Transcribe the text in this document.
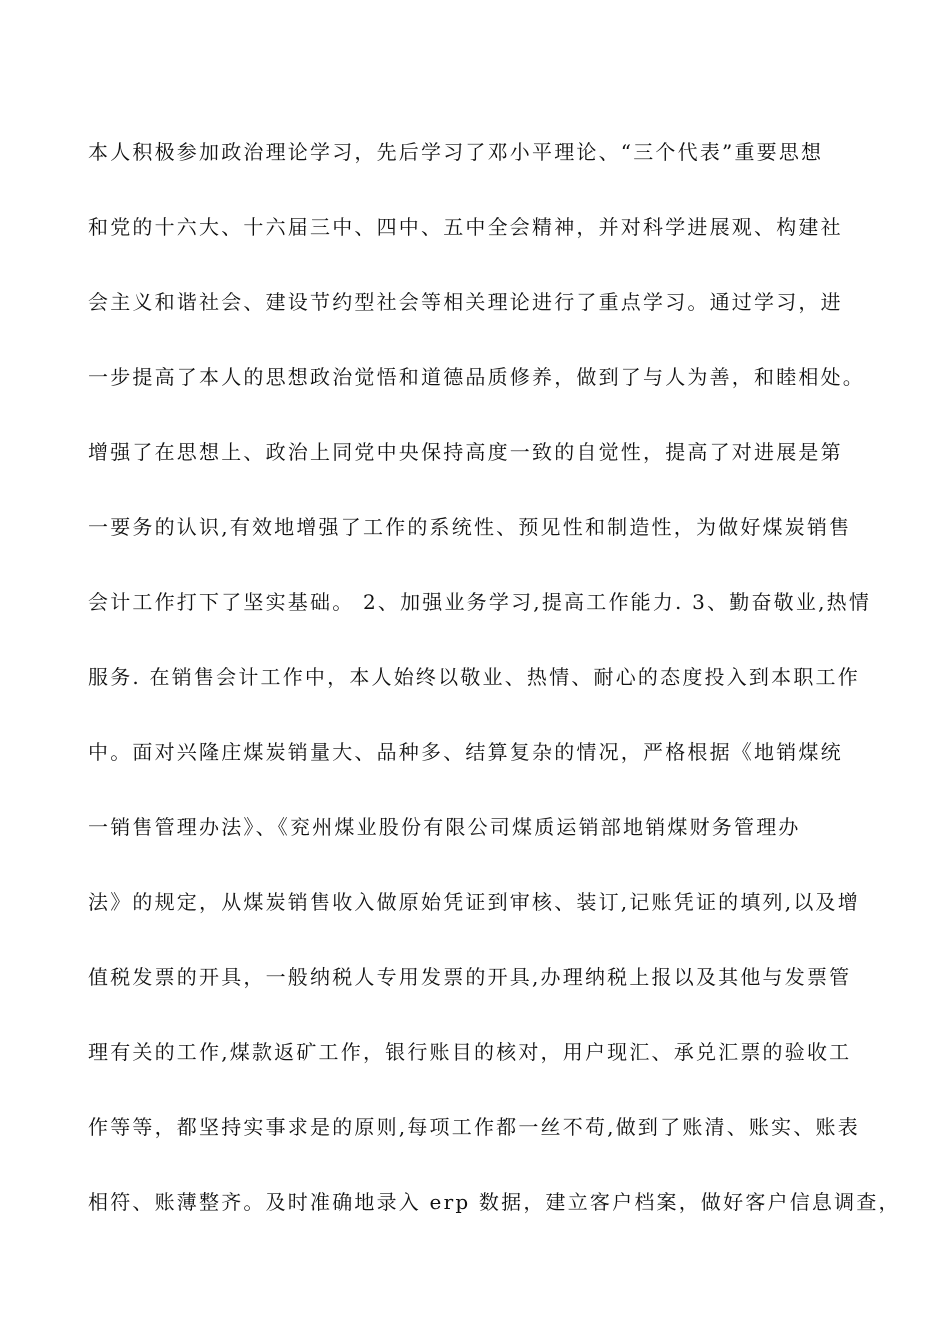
本人积极参加政治理论学习，先后学习了邓小平理论、“三个代表”重要思想
和党的十六大、十六届三中、四中、五中全会精神，并对科学进展观、构建社
会主义和谐社会、建设节约型社会等相关理论进行了重点学习。通过学习，进
一步提高了本人的思想政治觉悟和道德品质修养，做到了与人为善，和睦相处。
增强了在思想上、政治上同党中央保持高度一致的自觉性，提高了对进展是第
一要务的认识,有效地增强了工作的系统性、预见性和制造性，为做好煤炭销售
会计工作打下了坚实基础。 2、加强业务学习,提高工作能力. 3、勤奋敬业,热情
服务. 在销售会计工作中，本人始终以敬业、热情、耐心的态度投入到本职工作
中。面对兴隆庄煤炭销量大、品种多、结算复杂的情况，严格根据《地销煤统
一销售管理办法》、《兖州煤业股份有限公司煤质运销部地销煤财务管理办
法》的规定，从煤炭销售收入做原始凭证到审核、装订,记账凭证的填列,以及增
值税发票的开具，一般纳税人专用发票的开具,办理纳税上报以及其他与发票管
理有关的工作,煤款返矿工作，银行账目的核对，用户现汇、承兑汇票的验收工
作等等，都坚持实事求是的原则,每项工作都一丝不苟,做到了账清、账实、账表
相符、账薄整齐。及时准确地录入 erp 数据，建立客户档案，做好客户信息调查，
